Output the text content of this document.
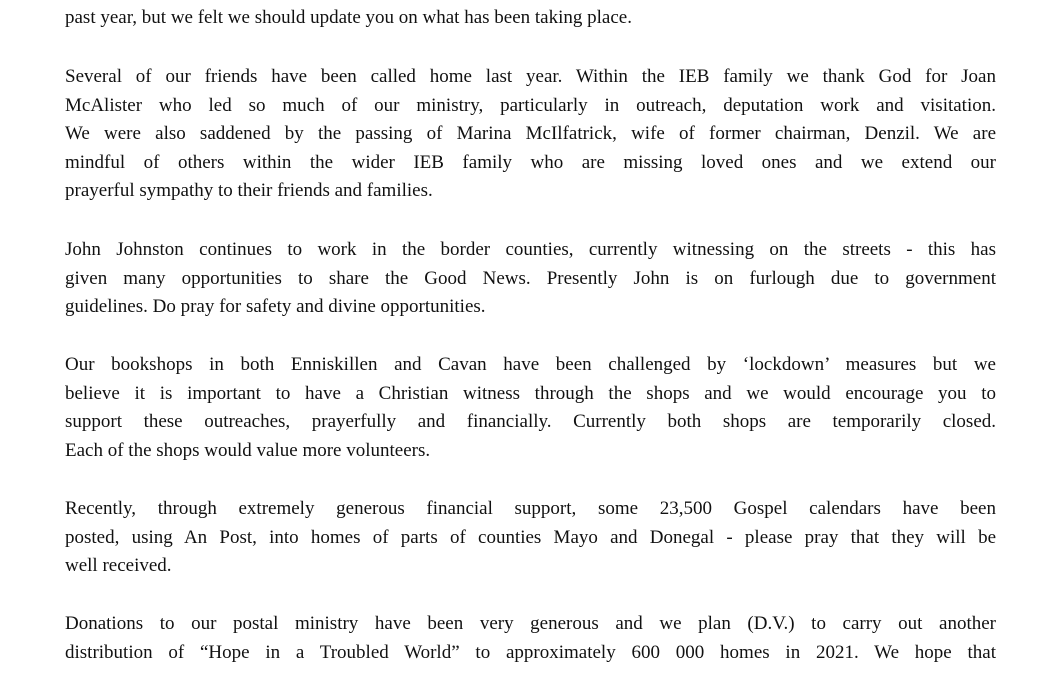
past year, but we felt we should update you on what has been taking place.
Several of our friends have been called home last year. Within the IEB family we thank God for Joan
McAlister who led so much of our ministry, particularly in outreach, deputation work and visitation.
We were also saddened by the passing of Marina McIlfatrick, wife of former chairman, Denzil. We are
mindful of others within the wider IEB family who are missing loved ones and we extend our
prayerful sympathy to their friends and families.
John Johnston continues to work in the border counties, currently witnessing on the streets - this has
given many opportunities to share the Good News. Presently John is on furlough due to government
guidelines. Do pray for safety and divine opportunities.
Our bookshops in both Enniskillen and Cavan have been challenged by ‘lockdown’ measures but we
believe it is important to have a Christian witness through the shops and we would encourage you to
support these outreaches, prayerfully and financially. Currently both shops are temporarily closed.
Each of the shops would value more volunteers.
Recently, through extremely generous financial support, some 23,500 Gospel calendars have been
posted, using An Post, into homes of parts of counties Mayo and Donegal - please pray that they will be
well received.
Donations to our postal ministry have been very generous and we plan (D.V.) to carry out another
distribution of “Hope in a Troubled World” to approximately 600 000 homes in 2021. We hope that
